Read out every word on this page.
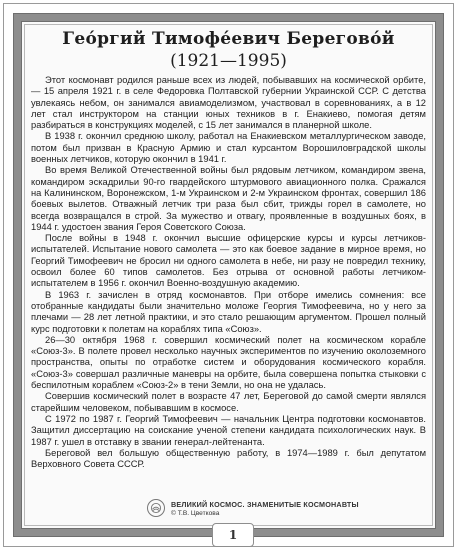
Гео́ргий Тимофе́евич Берегово́й
(1921—1995)

Этот космонавт родился раньше всех из людей, побывавших на космической орбите, — 15 апреля 1921 г. в селе Федоровка Полтавской губернии Украинской ССР. С детства увлекаясь небом, он занимался авиамоделизмом, участвовал в соревнованиях, а в 12 лет стал инструктором на станции юных техников в г. Енакиево, помогая детям разбираться в конструкциях моделей, с 15 лет занимался в планерной школе.

В 1938 г. окончил среднюю школу, работал на Енакиевском металлургическом заводе, потом был призван в Красную Армию и стал курсантом Ворошиловградской школы военных летчиков, которую окончил в 1941 г.

Во время Великой Отечественной войны был рядовым летчиком, командиром звена, командиром эскадрильи 90-го гвардейского штурмового авиационного полка. Сражался на Калининском, Воронежском, 1-м Украинском и 2-м Украинском фронтах, совершил 186 боевых вылетов. Отважный летчик три раза был сбит, трижды горел в самолете, но всегда возвращался в строй. За мужество и отвагу, проявленные в воздушных боях, в 1944 г. удостоен звания Героя Советского Союза.

После войны в 1948 г. окончил высшие офицерские курсы и курсы летчиков-испытателей. Испытание нового самолета — это как боевое задание в мирное время, но Георгий Тимофеевич не бросил ни одного самолета в небе, ни разу не повредил технику, освоил более 60 типов самолетов. Без отрыва от основной работы летчиком-испытателем в 1956 г. окончил Военно-воздушную академию.

В 1963 г. зачислен в отряд космонавтов. При отборе имелись сомнения: все отобранные кандидаты были значительно моложе Георгия Тимофеевича, но у него за плечами — 28 лет летной практики, и это стало решающим аргументом. Прошел полный курс подготовки к полетам на кораблях типа «Союз».

26—30 октября 1968 г. совершил космический полет на космическом корабле «Союз-3». В полете провел несколько научных экспериментов по изучению околоземного пространства, опыты по отработке систем и оборудования космического корабля. «Союз-3» совершал различные маневры на орбите, была совершена попытка стыковки с беспилотным кораблем «Союз-2» в тени Земли, но она не удалась.

Совершив космический полет в возрасте 47 лет, Береговой до самой смерти являлся старейшим человеком, побывавшим в космосе.

С 1972 по 1987 г. Георгий Тимофеевич — начальник Центра подготовки космонавтов. Защитил диссертацию на соискание ученой степени кандидата психологических наук. В 1987 г. ушел в отставку в звании генерал-лейтенанта.

Береговой вел большую общественную работу, в 1974—1989 г. был депутатом Верховного Совета СССР.

ВЕЛИКИЙ КОСМОС. ЗНАМЕНИТЫЕ КОСМОНАВТЫ
© Т.В. Цветкова
1
